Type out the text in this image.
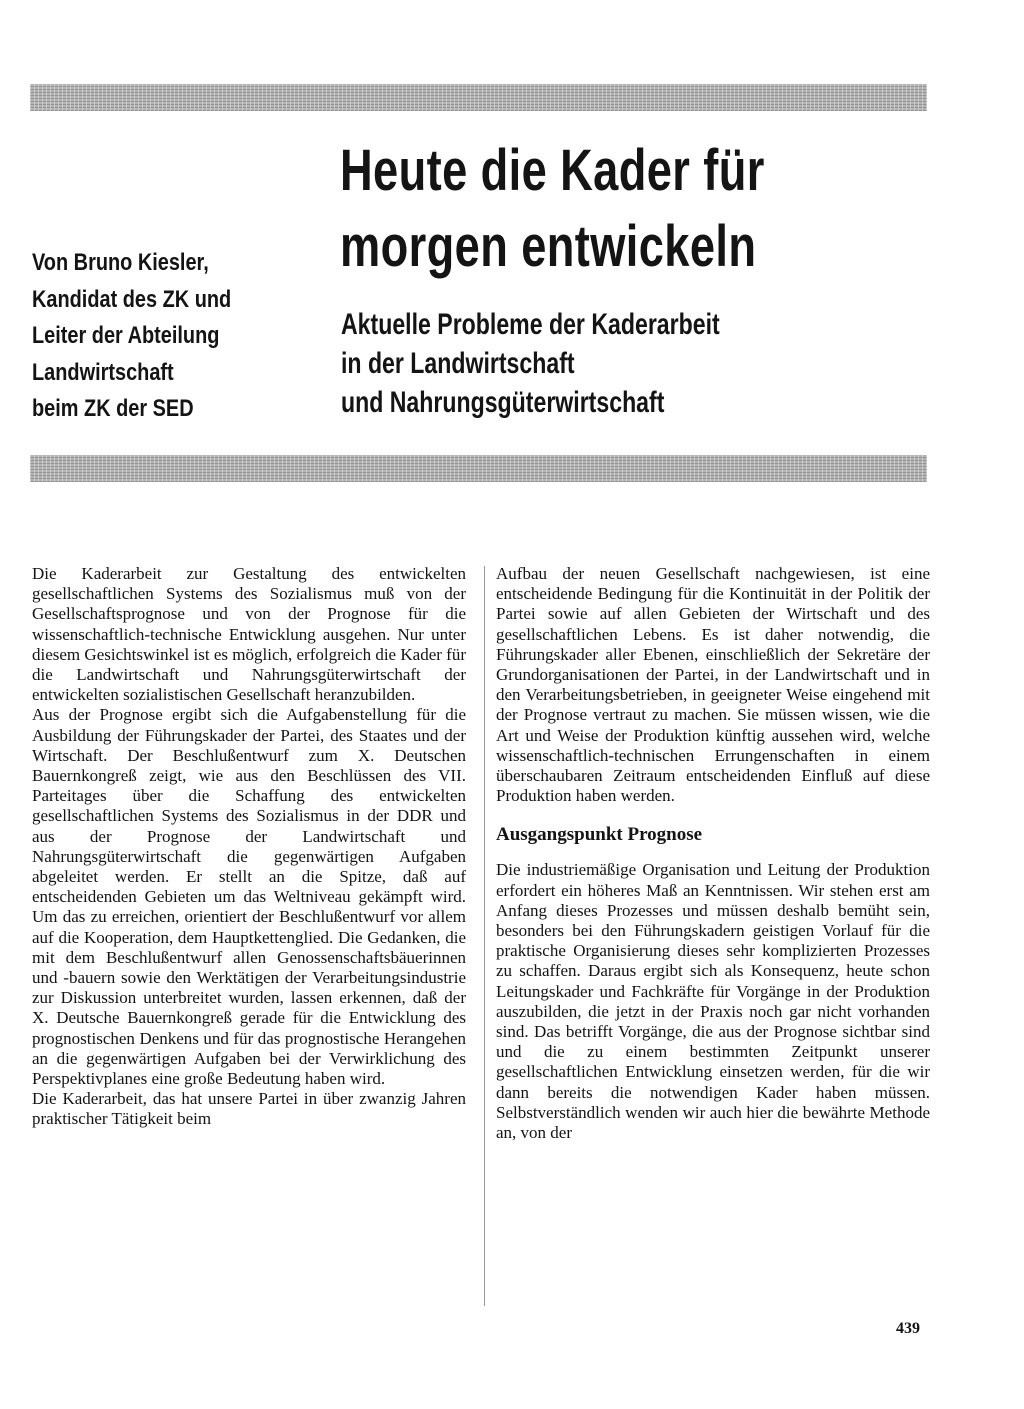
Von Bruno Kiesler,
Kandidat des ZK und
Leiter der Abteilung
Landwirtschaft
beim ZK der SED
Heute die Kader für
morgen entwickeln
Aktuelle Probleme der Kaderarbeit
in der Landwirtschaft
und Nahrungsgüterwirtschaft

Die Kaderarbeit zur Gestaltung des entwickelten gesellschaftlichen Systems des Sozialismus muß von der Gesellschaftsprognose und von der Prognose für die wissenschaftlich-technische Entwicklung ausgehen. Nur unter diesem Gesichtswinkel ist es möglich, erfolgreich die Kader für die Landwirtschaft und Nahrungsgüterwirtschaft der entwickelten sozialistischen Gesellschaft heranzubilden.

Aus der Prognose ergibt sich die Aufgabenstellung für die Ausbildung der Führungskader der Partei, des Staates und der Wirtschaft. Der Beschlußentwurf zum X. Deutschen Bauernkongreß zeigt, wie aus den Beschlüssen des VII. Parteitages über die Schaffung des entwickelten gesellschaftlichen Systems des Sozialismus in der DDR und aus der Prognose der Landwirtschaft und Nahrungsgüterwirtschaft die gegenwärtigen Aufgaben abgeleitet werden. Er stellt an die Spitze, daß auf entscheidenden Gebieten um das Weltniveau gekämpft wird. Um das zu erreichen, orientiert der Beschlußentwurf vor allem auf die Kooperation, dem Hauptkettenglied. Die Gedanken, die mit dem Beschlußentwurf allen Genossenschaftsbäuerinnen und -bauern sowie den Werktätigen der Verarbeitungsindustrie zur Diskussion unterbreitet wurden, lassen erkennen, daß der X. Deutsche Bauernkongreß gerade für die Entwicklung des prognostischen Denkens und für das prognostische Herangehen an die gegenwärtigen Aufgaben bei der Verwirklichung des Perspektivplanes eine große Bedeutung haben wird.

Die Kaderarbeit, das hat unsere Partei in über zwanzig Jahren praktischer Tätigkeit beim

Aufbau der neuen Gesellschaft nachgewiesen, ist eine entscheidende Bedingung für die Kontinuität in der Politik der Partei sowie auf allen Gebieten der Wirtschaft und des gesellschaftlichen Lebens. Es ist daher notwendig, die Führungskader aller Ebenen, einschließlich der Sekretäre der Grundorganisationen der Partei, in der Landwirtschaft und in den Verarbeitungsbetrieben, in geeigneter Weise eingehend mit der Prognose vertraut zu machen. Sie müssen wissen, wie die Art und Weise der Produktion künftig aussehen wird, welche wissenschaftlich-technischen Errungenschaften in einem überschaubaren Zeitraum entscheidenden Einfluß auf diese Produktion haben werden.

Ausgangspunkt Prognose

Die industriemäßige Organisation und Leitung der Produktion erfordert ein höheres Maß an Kenntnissen. Wir stehen erst am Anfang dieses Prozesses und müssen deshalb bemüht sein, besonders bei den Führungskadern geistigen Vorlauf für die praktische Organisierung dieses sehr komplizierten Prozesses zu schaffen. Daraus ergibt sich als Konsequenz, heute schon Leitungskader und Fachkräfte für Vorgänge in der Produktion auszubilden, die jetzt in der Praxis noch gar nicht vorhanden sind. Das betrifft Vorgänge, die aus der Prognose sichtbar sind und die zu einem bestimmten Zeitpunkt unserer gesellschaftlichen Entwicklung einsetzen werden, für die wir dann bereits die notwendigen Kader haben müssen. Selbstverständlich wenden wir auch hier die bewährte Methode an, von der

439
